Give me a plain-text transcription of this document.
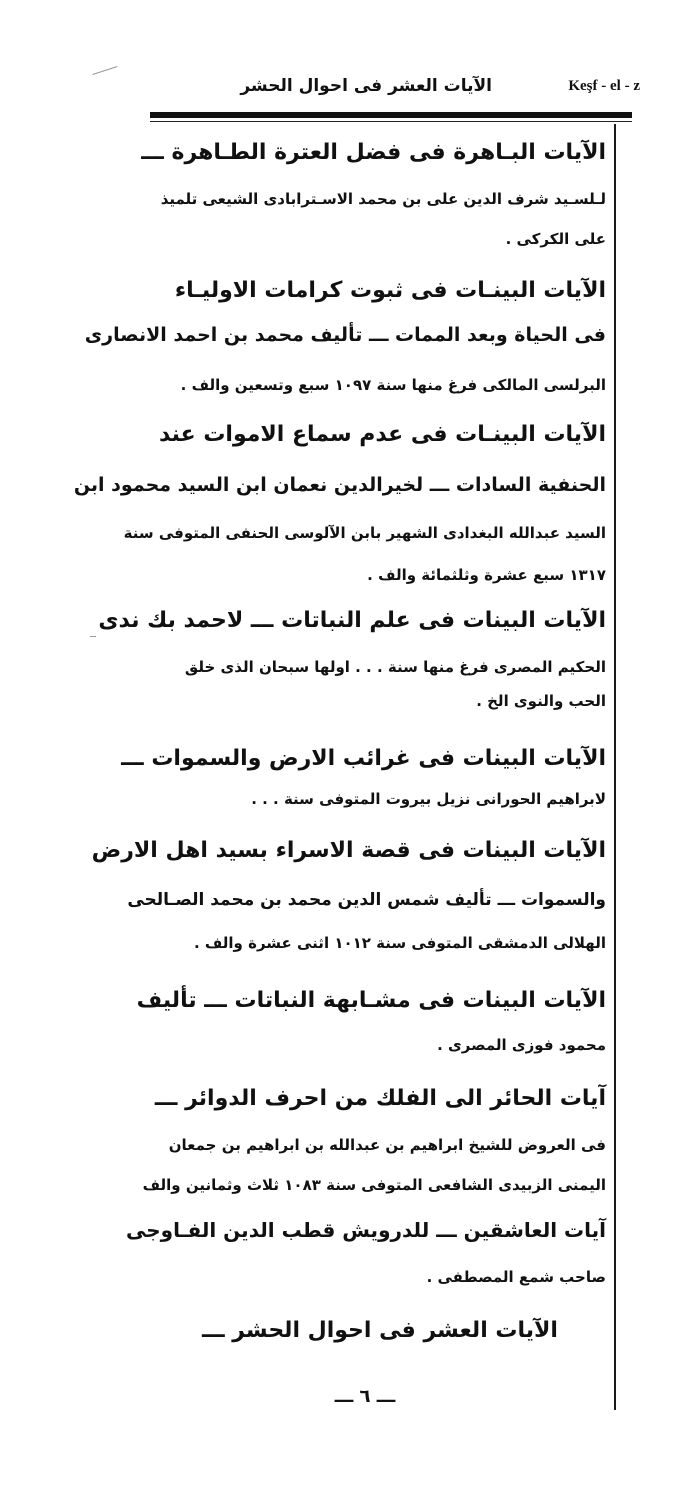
الآيات العشر فى احوال الحشر	Keşf - el - z
الآيات البـاهرة فى فضل العترة الطـاهرة ـــ
لـلسـيد شرف الدين على بن محمد الاسـترابادى الشيعى تلميذ
على الكركى .
الآيات البينـات فى ثبوت كرامات الاوليـاء
فى الحياة وبعد الممات ـــ تأليف محمد بن احمد الانصارى
البرلسى المالكى فرغ منها سنة ١٠٩٧ سبع وتسعين والف .
الآيات البينـات فى عدم سماع الاموات عند
الحنفية السادات ـــ لخيرالدين نعمان ابن السيد محمود ابن
السيد عبدالله البغدادى الشهير بابن الآلوسى الحنفى المتوفى سنة
١٣١٧ سبع عشرة وثلثمائة والف .
الآيات البينات فى علم النباتات ـــ لاحمد بك ندى
الحكيم المصرى فرغ منها سنة . . . اولها سبحان الذى خلق
الحب والنوى الخ .
الآيات البينات فى غرائب الارض والسموات ـــ
لابراهيم الحورانى نزيل بيروت المتوفى سنة . . .
الآيات البينات فى قصة الاسراء بسيد اهل الارض
والسموات ـــ تأليف شمس الدين محمد بن محمد الصـالحى
الهلالى الدمشقى المتوفى سنة ١٠١٢ اثنى عشرة والف .
الآيات البينات فى مشـابهة النباتات ـــ تأليف
محمود فوزى المصرى .
آيات الحائر الى الفلك من احرف الدوائر ـــ
فى العروض للشيخ ابراهيم بن عبدالله بن ابراهيم بن جمعان
اليمنى الزبيدى الشافعى المتوفى سنة ١٠٨٣ ثلاث وثمانين والف
آيات العاشقين ـــ للدرويش قطب الدين الفـاوجى
صاحب شمع المصطفى .
الآيات العشر فى احوال الحشر ـــ
ـــ ٦ ـــ
